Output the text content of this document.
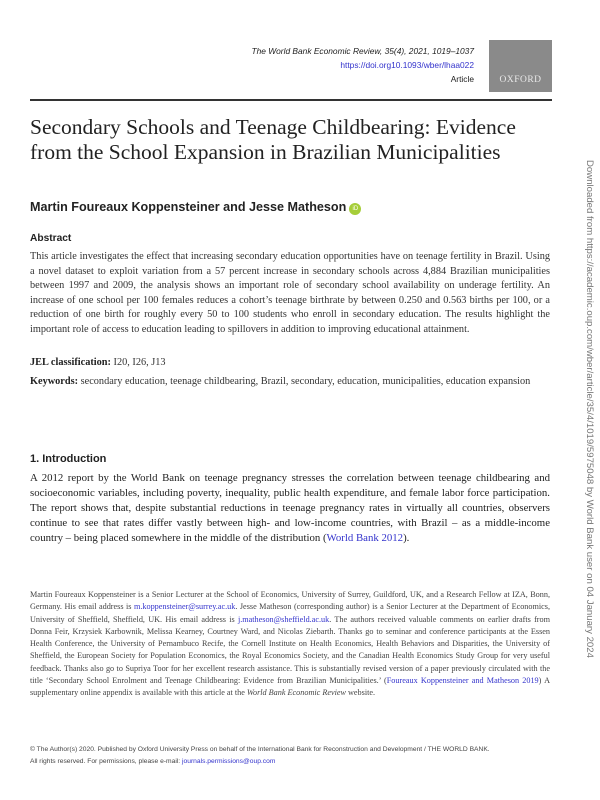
The World Bank Economic Review, 35(4), 2021, 1019–1037
https://doi.org10.1093/wber/lhaa022
Article	OXFORD
Secondary Schools and Teenage Childbearing: Evidence from the School Expansion in Brazilian Municipalities
Martin Foureaux Koppensteiner and Jesse Matheson iD
Abstract

This article investigates the effect that increasing secondary education opportunities have on teenage fertility in Brazil. Using a novel dataset to exploit variation from a 57 percent increase in secondary schools across 4,884 Brazilian municipalities between 1997 and 2009, the analysis shows an important role of secondary school availability on underage fertility. An increase of one school per 100 females reduces a cohort’s teenage birthrate by between 0.250 and 0.563 births per 100, or a reduction of one birth for roughly every 50 to 100 students who enroll in secondary education. The results highlight the important role of access to education leading to spillovers in addition to improving educational attainment.

JEL classification: I20, I26, J13

Keywords: secondary education, teenage childbearing, Brazil, secondary, education, municipalities, education expansion

1. Introduction

A 2012 report by the World Bank on teenage pregnancy stresses the correlation between teenage childbearing and socioeconomic variables, including poverty, inequality, public health expenditure, and female labor force participation. The report shows that, despite substantial reductions in teenage pregnancy rates in virtually all countries, observers continue to see that rates differ vastly between high- and low-income countries, with Brazil – as a middle-income country – being placed somewhere in the middle of the distribution (World Bank 2012).

Martin Foureaux Koppensteiner is a Senior Lecturer at the School of Economics, University of Surrey, Guildford, UK, and a Research Fellow at IZA, Bonn, Germany. His email address is m.koppensteiner@surrey.ac.uk. Jesse Matheson (corresponding author) is a Senior Lecturer at the Department of Economics, University of Sheffield, Sheffield, UK. His email address is j.matheson@sheffield.ac.uk. The authors received valuable comments on earlier drafts from Donna Feir, Krzysiek Karbownik, Melissa Kearney, Courtney Ward, and Nicolas Ziebarth. Thanks go to seminar and conference participants at the Essen Health Conference, the University of Pernambuco Recife, the Cornell Institute on Health Economics, Health Behaviors and Disparities, the University of Sheffield, the European Society for Population Economics, the Royal Economics Society, and the Canadian Health Economics Study Group for very useful feedback. Thanks also go to Supriya Toor for her excellent research assistance. This is substantially revised version of a paper previously circulated with the title ‘Secondary School Enrolment and Teenage Childbearing: Evidence from Brazilian Municipalities.’ (Foureaux Koppensteiner and Matheson 2019) A supplementary online appendix is available with this article at the World Bank Economic Review website.

© The Author(s) 2020. Published by Oxford University Press on behalf of the International Bank for Reconstruction and Development / THE WORLD BANK.
All rights reserved. For permissions, please e-mail: journals.permissions@oup.com
Downloaded from https://academic.oup.com/wber/article/35/4/1019/5975048 by World Bank user on 04 January 2024
